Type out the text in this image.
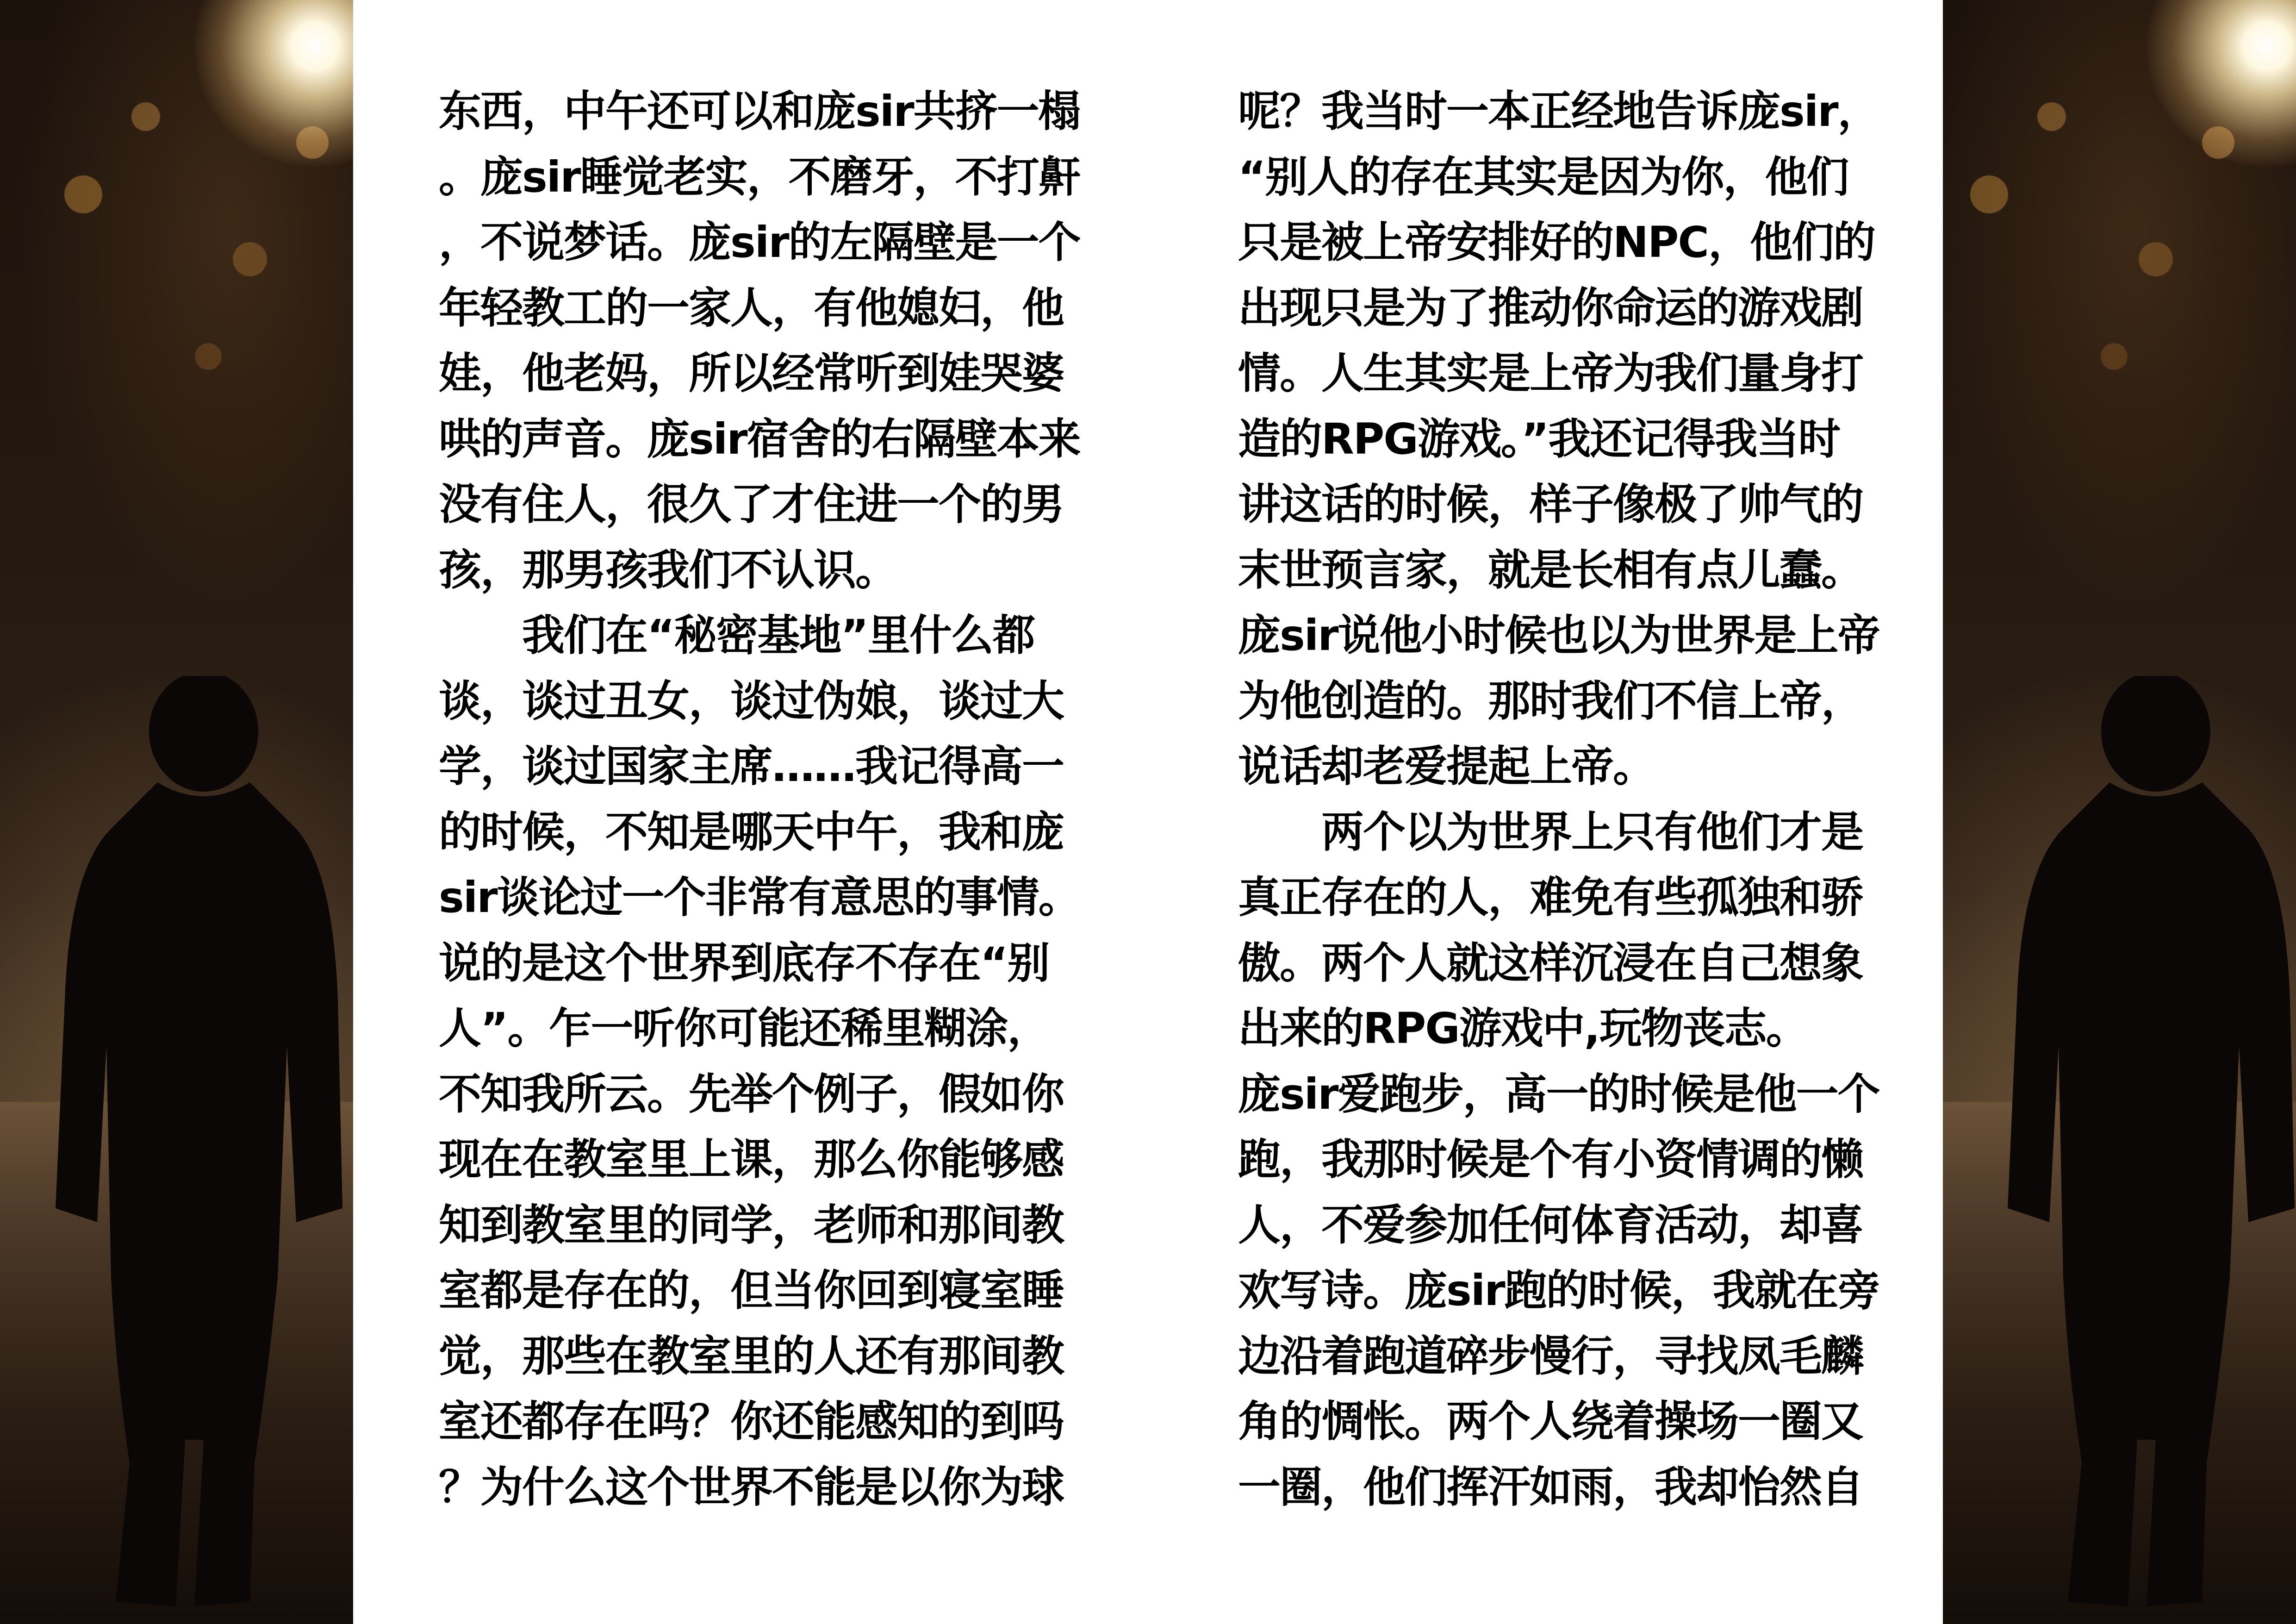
东西，中午还可以和庞sir共挤一榻
。庞sir睡觉老实，不磨牙，不打鼾
，不说梦话。庞sir的左隔壁是一个
年轻教工的一家人，有他媳妇，他
娃，他老妈，所以经常听到娃哭婆
哄的声音。庞sir宿舍的右隔壁本来
没有住人，很久了才住进一个的男
孩，那男孩我们不认识。
　　我们在“秘密基地”里什么都
谈，谈过丑女，谈过伪娘，谈过大
学，谈过国家主席……我记得高一
的时候，不知是哪天中午，我和庞
sir谈论过一个非常有意思的事情。
说的是这个世界到底存不存在“别
人”。乍一听你可能还稀里糊涂，
不知我所云。先举个例子，假如你
现在在教室里上课，那么你能够感
知到教室里的同学，老师和那间教
室都是存在的，但当你回到寝室睡
觉，那些在教室里的人还有那间教
室还都存在吗？你还能感知的到吗
？为什么这个世界不能是以你为球
呢？我当时一本正经地告诉庞sir，
“别人的存在其实是因为你，他们
只是被上帝安排好的NPC，他们的
出现只是为了推动你命运的游戏剧
情。人生其实是上帝为我们量身打
造的RPG游戏。”我还记得我当时
讲这话的时候，样子像极了帅气的
末世预言家，就是长相有点儿蠢。
庞sir说他小时候也以为世界是上帝
为他创造的。那时我们不信上帝，
说话却老爱提起上帝。
　　两个以为世界上只有他们才是
真正存在的人，难免有些孤独和骄
傲。两个人就这样沉浸在自己想象
出来的RPG游戏中,玩物丧志。
庞sir爱跑步，高一的时候是他一个
跑，我那时候是个有小资情调的懒
人，不爱参加任何体育活动，却喜
欢写诗。庞sir跑的时候，我就在旁
边沿着跑道碎步慢行，寻找凤毛麟
角的惆怅。两个人绕着操场一圈又
一圈，他们挥汗如雨，我却怡然自
